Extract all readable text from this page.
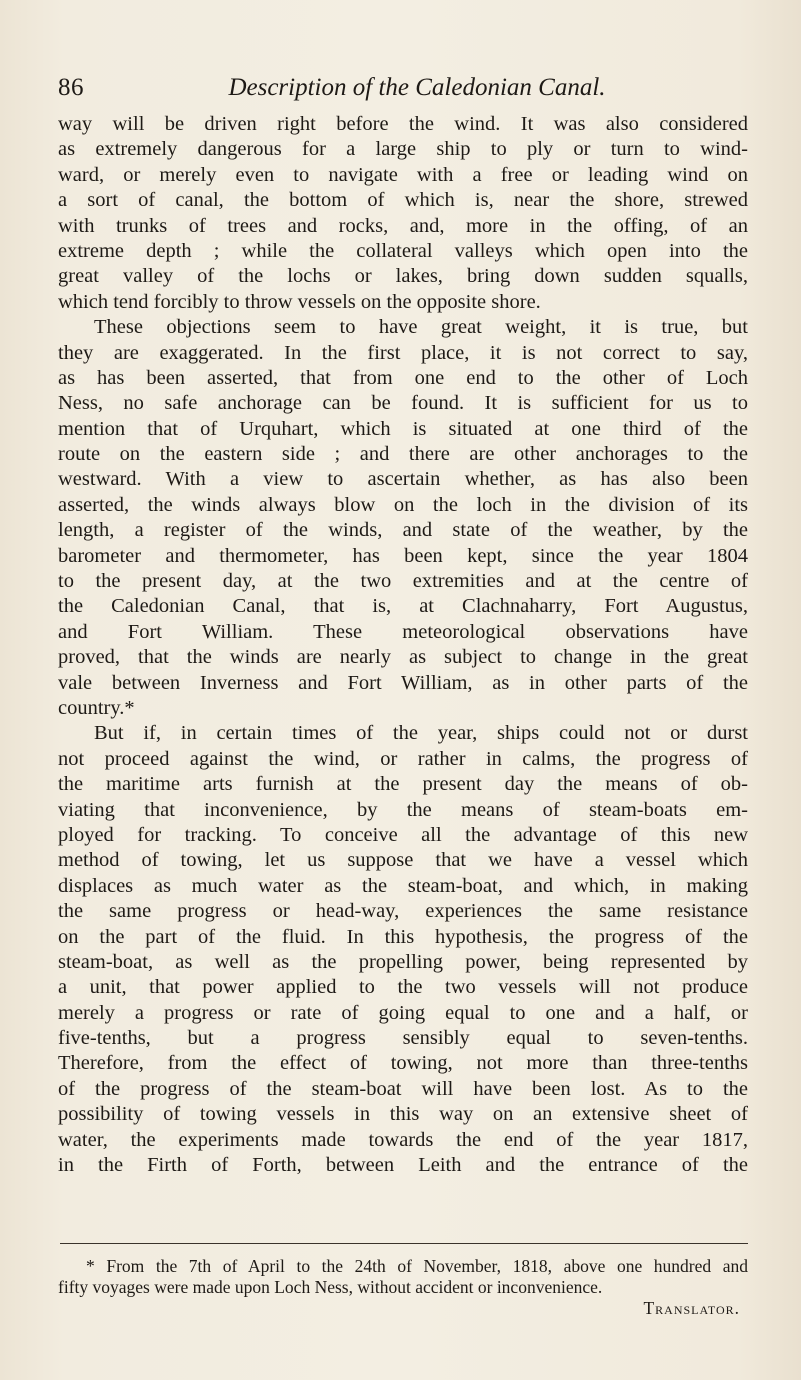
86	Description of the Caledonian Canal.
way will be driven right before the wind. It was also considered
as extremely dangerous for a large ship to ply or turn to wind-
ward, or merely even to navigate with a free or leading wind on
a sort of canal, the bottom of which is, near the shore, strewed
with trunks of trees and rocks, and, more in the offing, of an
extreme depth ; while the collateral valleys which open into the
great valley of the lochs or lakes, bring down sudden squalls,
which tend forcibly to throw vessels on the opposite shore.
These objections seem to have great weight, it is true, but
they are exaggerated. In the first place, it is not correct to say,
as has been asserted, that from one end to the other of Loch
Ness, no safe anchorage can be found. It is sufficient for us to
mention that of Urquhart, which is situated at one third of the
route on the eastern side ; and there are other anchorages to the
westward. With a view to ascertain whether, as has also been
asserted, the winds always blow on the loch in the division of its
length, a register of the winds, and state of the weather, by the
barometer and thermometer, has been kept, since the year 1804
to the present day, at the two extremities and at the centre of
the Caledonian Canal, that is, at Clachnaharry, Fort Augustus,
and Fort William. These meteorological observations have
proved, that the winds are nearly as subject to change in the great
vale between Inverness and Fort William, as in other parts of the
country.*
But if, in certain times of the year, ships could not or durst
not proceed against the wind, or rather in calms, the progress of
the maritime arts furnish at the present day the means of ob-
viating that inconvenience, by the means of steam-boats em-
ployed for tracking. To conceive all the advantage of this new
method of towing, let us suppose that we have a vessel which
displaces as much water as the steam-boat, and which, in making
the same progress or head-way, experiences the same resistance
on the part of the fluid. In this hypothesis, the progress of the
steam-boat, as well as the propelling power, being represented by
a unit, that power applied to the two vessels will not produce
merely a progress or rate of going equal to one and a half, or
five-tenths, but a progress sensibly equal to seven-tenths.
Therefore, from the effect of towing, not more than three-tenths
of the progress of the steam-boat will have been lost. As to the
possibility of towing vessels in this way on an extensive sheet of
water, the experiments made towards the end of the year 1817,
in the Firth of Forth, between Leith and the entrance of the
* From the 7th of April to the 24th of November, 1818, above one hundred and
fifty voyages were made upon Loch Ness, without accident or inconvenience.
Translator.
